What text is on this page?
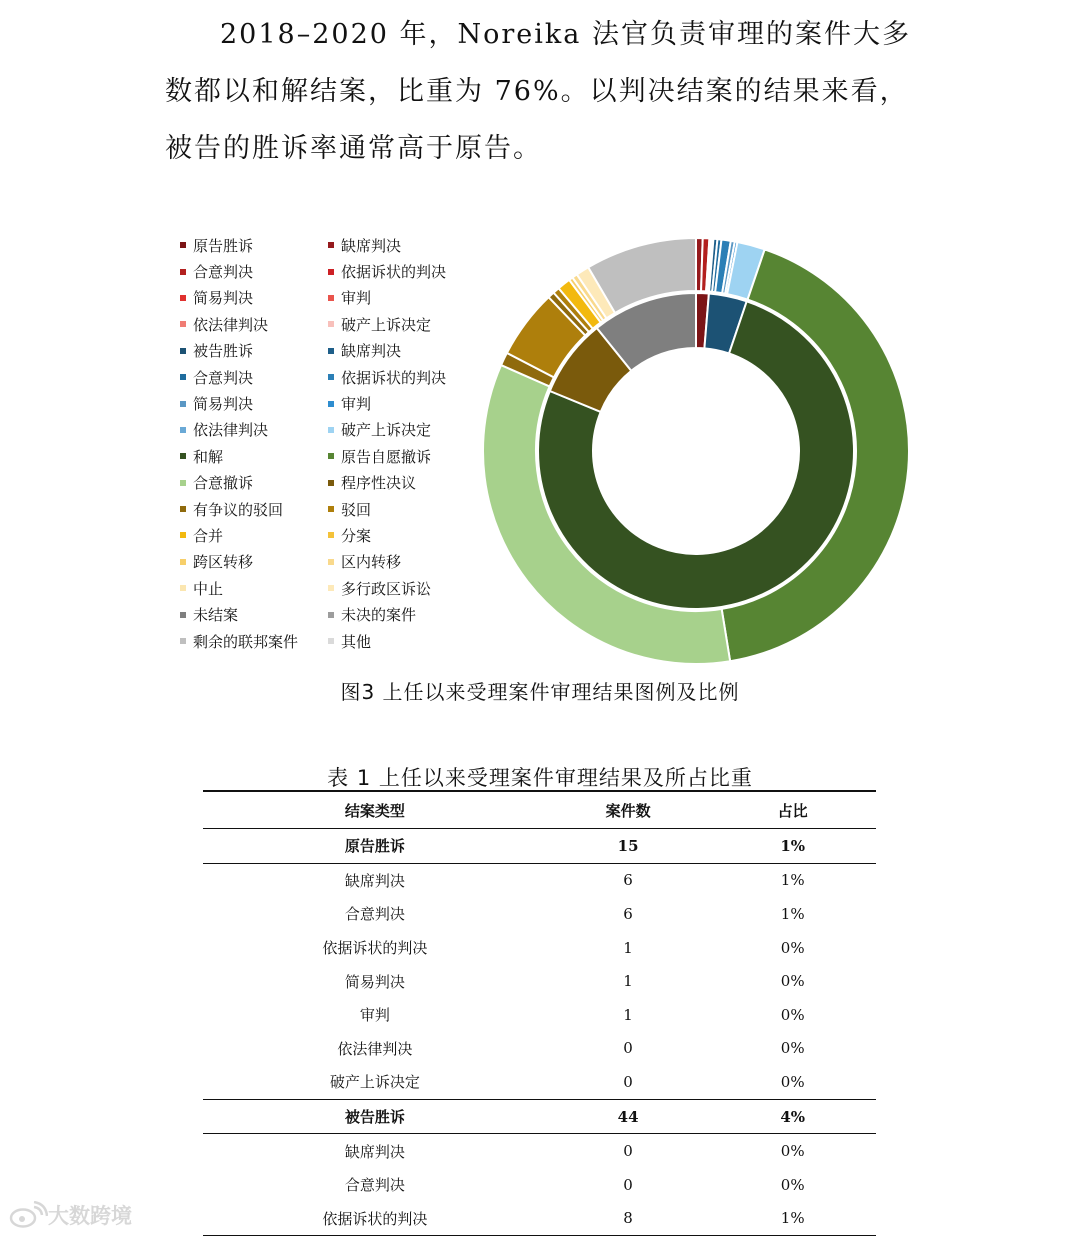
2018–2020 年，Noreika 法官负责审理的案件大多数都以和解结案，比重为 76%。以判决结案的结果来看，被告的胜诉率通常高于原告。

原告胜诉	缺席判决
合意判决	依据诉状的判决
简易判决	审判
依法律判决	破产上诉决定
被告胜诉	缺席判决
合意判决	依据诉状的判决
简易判决	审判
依法律判决	破产上诉决定
和解	原告自愿撤诉
合意撤诉	程序性决议
有争议的驳回	驳回
合并	分案
跨区转移	区内转移
中止	多行政区诉讼
未结案	未决的案件
剩余的联邦案件	其他
图3 上任以来受理案件审理结果图例及比例
表 1 上任以来受理案件审理结果及所占比重
结案类型	案件数	占比
原告胜诉	15	1%
缺席判决	6	1%
合意判决	6	1%
依据诉状的判决	1	0%
简易判决	1	0%
审判	1	0%
依法律判决	0	0%
破产上诉决定	0	0%
被告胜诉	44	4%
缺席判决	0	0%
合意判决	0	0%
依据诉状的判决	8	1%
大数跨境
